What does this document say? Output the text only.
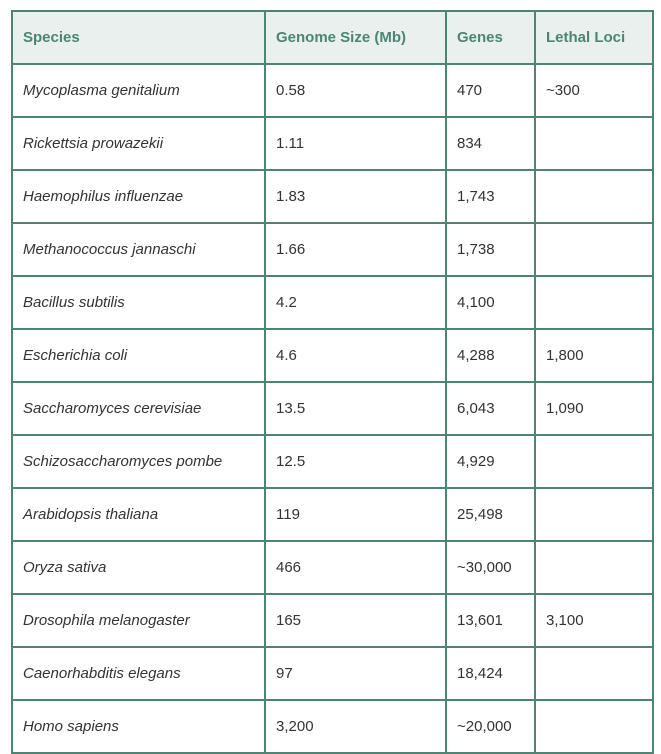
Species	Genome Size (Mb)	Genes	Lethal Loci
Mycoplasma genitalium	0.58	470	~300
Rickettsia prowazekii	1.11	834	
Haemophilus influenzae	1.83	1,743	
Methanococcus jannaschi	1.66	1,738	
Bacillus subtilis	4.2	4,100	
Escherichia coli	4.6	4,288	1,800
Saccharomyces cerevisiae	13.5	6,043	1,090
Schizosaccharomyces pombe	12.5	4,929	
Arabidopsis thaliana	119	25,498	
Oryza sativa	466	~30,000	
Drosophila melanogaster	165	13,601	3,100
Caenorhabditis elegans	97	18,424	
Homo sapiens	3,200	~20,000	
